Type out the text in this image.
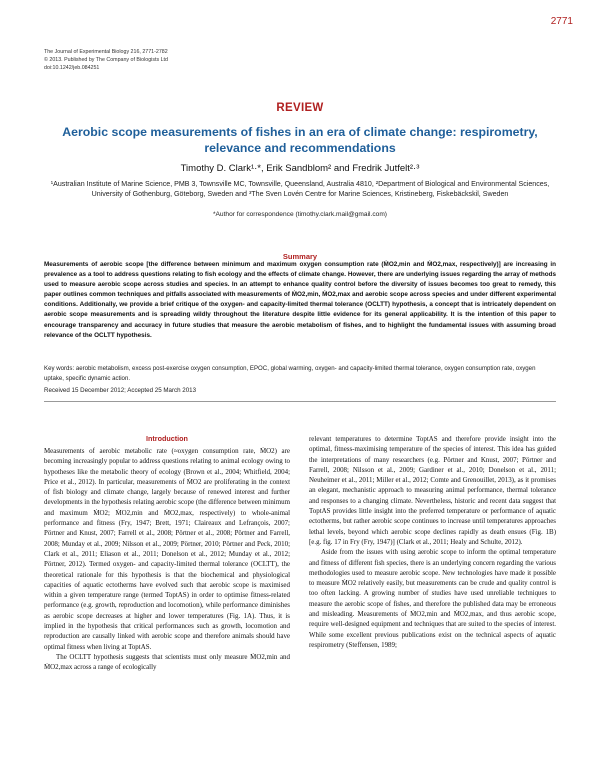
2771
The Journal of Experimental Biology 216, 2771-2782
© 2013. Published by The Company of Biologists Ltd
doi:10.1242/jeb.084251
REVIEW
Aerobic scope measurements of fishes in an era of climate change: respirometry, relevance and recommendations
Timothy D. Clark¹·*, Erik Sandblom² and Fredrik Jutfelt²·³
¹Australian Institute of Marine Science, PMB 3, Townsville MC, Townsville, Queensland, Australia 4810, ²Department of Biological and Environmental Sciences, University of Gothenburg, Göteborg, Sweden and ³The Sven Lovén Centre for Marine Sciences, Kristineberg, Fiskebäckskil, Sweden
*Author for correspondence (timothy.clark.mail@gmail.com)
Summary
Measurements of aerobic scope [the difference between minimum and maximum oxygen consumption rate (ṀO2,min and ṀO2,max, respectively)] are increasing in prevalence as a tool to address questions relating to fish ecology and the effects of climate change. However, there are underlying issues regarding the array of methods used to measure aerobic scope across studies and species. In an attempt to enhance quality control before the diversity of issues becomes too great to remedy, this paper outlines common techniques and pitfalls associated with measurements of ṀO2,min, ṀO2,max and aerobic scope across species and under different experimental conditions. Additionally, we provide a brief critique of the oxygen- and capacity-limited thermal tolerance (OCLTT) hypothesis, a concept that is intricately dependent on aerobic scope measurements and is spreading wildly throughout the literature despite little evidence for its general applicability. It is the intention of this paper to encourage transparency and accuracy in future studies that measure the aerobic metabolism of fishes, and to highlight the fundamental issues with assuming broad relevance of the OCLTT hypothesis.
Key words: aerobic metabolism, excess post-exercise oxygen consumption, EPOC, global warming, oxygen- and capacity-limited thermal tolerance, oxygen consumption rate, oxygen uptake, specific dynamic action.
Received 15 December 2012; Accepted 25 March 2013
Introduction

Measurements of aerobic metabolic rate (≈oxygen consumption rate, ṀO2) are becoming increasingly popular to address questions relating to animal ecology owing to hypotheses like the metabolic theory of ecology (Brown et al., 2004; Whitfield, 2004; Price et al., 2012). In particular, measurements of ṀO2 are proliferating in the context of fish biology and climate change, largely because of renewed interest and further developments in the hypothesis relating aerobic scope (the difference between minimum and maximum ṀO2; ṀO2,min and ṀO2,max, respectively) to whole-animal performance and fitness (Fry, 1947; Brett, 1971; Claireaux and Lefrançois, 2007; Pörtner and Knust, 2007; Farrell et al., 2008; Pörtner et al., 2008; Pörtner and Farrell, 2008; Munday et al., 2009; Nilsson et al., 2009; Pörtner, 2010; Pörtner and Peck, 2010; Clark et al., 2011; Eliason et al., 2011; Donelson et al., 2012; Munday et al., 2012; Pörtner, 2012). Termed oxygen- and capacity-limited thermal tolerance (OCLTT), the theoretical rationale for this hypothesis is that the biochemical and physiological capacities of aquatic ectotherms have evolved such that aerobic scope is maximised within a given temperature range (termed ToptAS) in order to optimise fitness-related performance (e.g. growth, reproduction and locomotion), while performance diminishes as aerobic scope decreases at higher and lower temperatures (Fig. 1A). Thus, it is implied in the hypothesis that critical performances such as growth, locomotion and reproduction are causally linked with aerobic scope and therefore animals should have optimal fitness when living at ToptAS.

The OCLTT hypothesis suggests that scientists must only measure ṀO2,min and ṀO2,max across a range of ecologically

relevant temperatures to determine ToptAS and therefore provide insight into the optimal, fitness-maximising temperature of the species of interest. This idea has guided the interpretations of many researchers (e.g. Pörtner and Knust, 2007; Pörtner and Farrell, 2008; Nilsson et al., 2009; Gardiner et al., 2010; Donelson et al., 2011; Neuheimer et al., 2011; Miller et al., 2012; Comte and Grenouillet, 2013), as it promises an elegant, mechanistic approach to measuring animal performance, thermal tolerance and responses to a changing climate. Nevertheless, historic and recent data suggest that ToptAS provides little insight into the preferred temperature or performance of aquatic ectotherms, but rather aerobic scope continues to increase until temperatures approaches lethal levels, beyond which aerobic scope declines rapidly as death ensues (Fig. 1B) [e.g. fig. 17 in Fry (Fry, 1947)] (Clark et al., 2011; Healy and Schulte, 2012).

Aside from the issues with using aerobic scope to inform the optimal temperature and fitness of different fish species, there is an underlying concern regarding the various methodologies used to measure aerobic scope. New technologies have made it possible to measure ṀO2 relatively easily, but measurements can be crude and quality control is too often lacking. A growing number of studies have used unreliable techniques to measure the aerobic scope of fishes, and therefore the published data may be erroneous and misleading. Measurements of ṀO2,min and ṀO2,max, and thus aerobic scope, require well-designed equipment and techniques that are suited to the species of interest. While some excellent previous publications exist on the technical aspects of aquatic respirometry (Steffensen, 1989;
